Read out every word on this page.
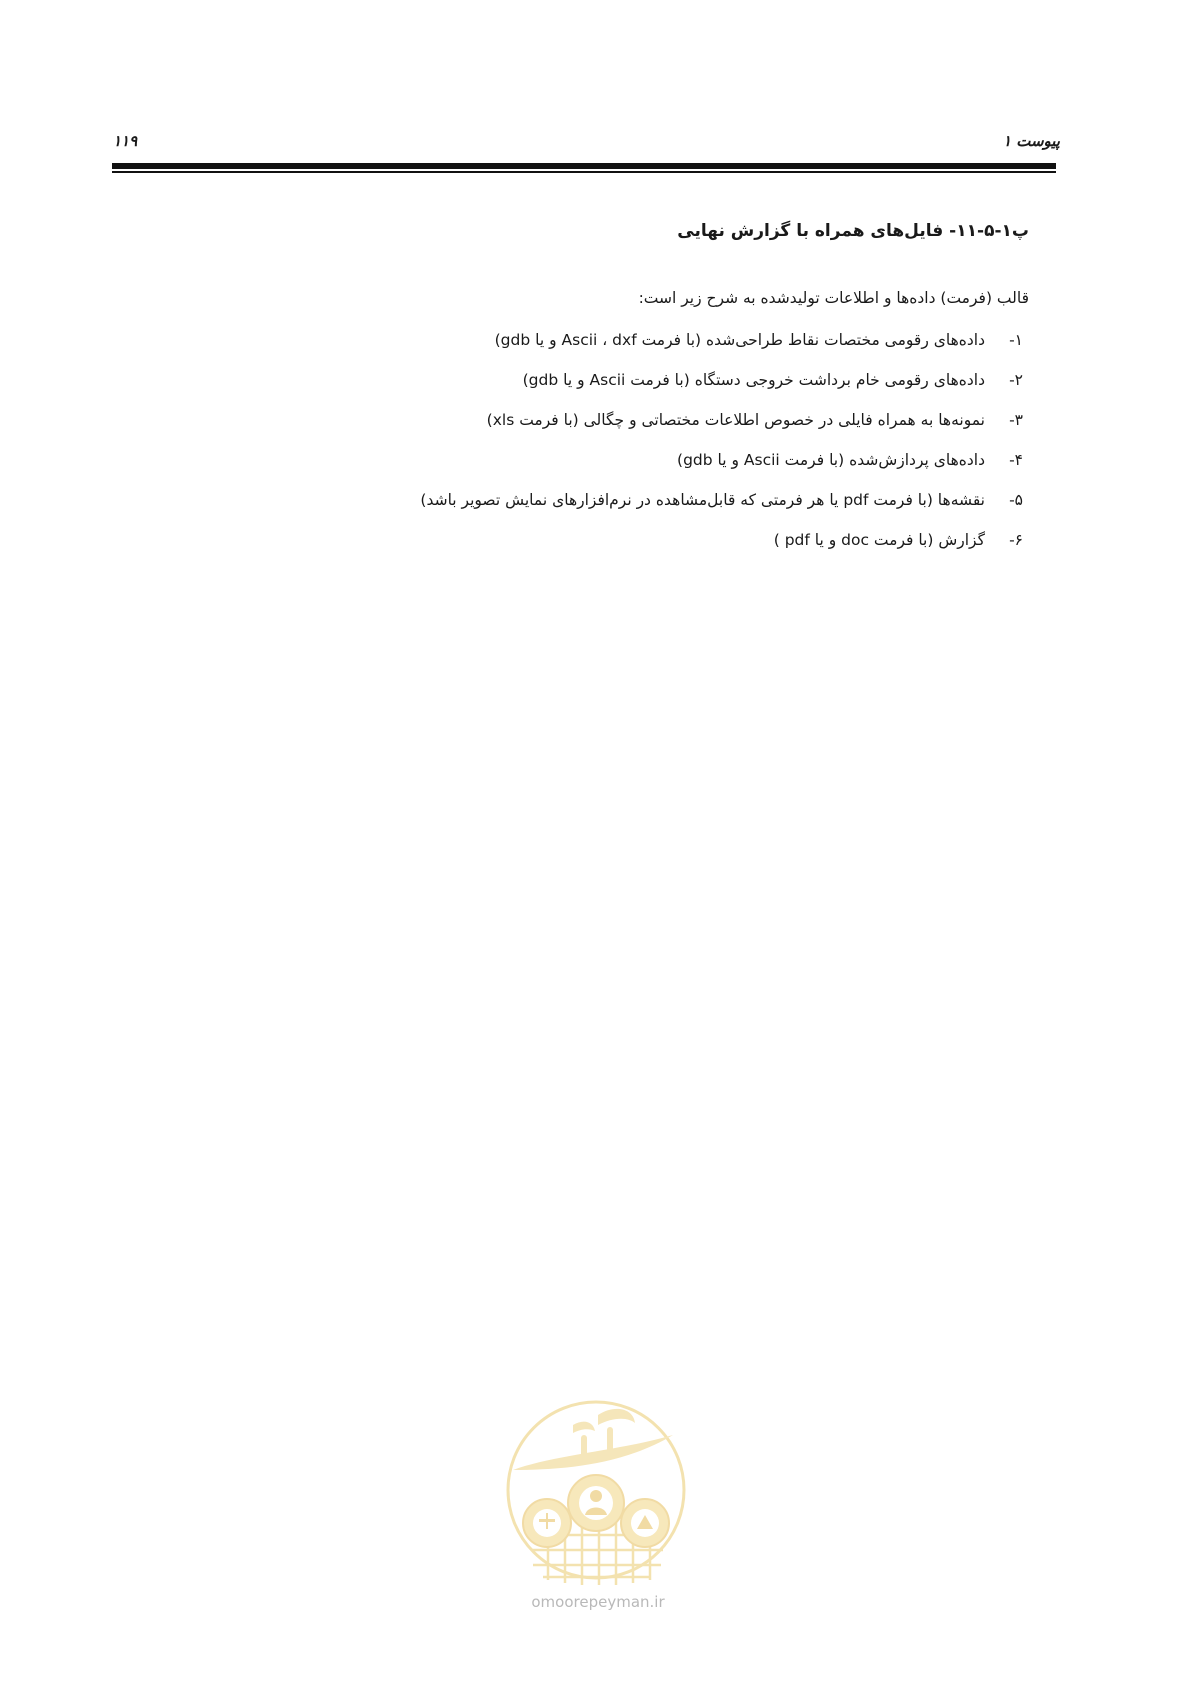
پیوست ۱

۱۱۹

پ۱-۵-۱۱- فایل‌های همراه با گزارش نهایی

قالب (فرمت) داده‌ها و اطلاعات تولیدشده به شرح زیر است:

۱-داده‌های رقومی مختصات نقاط طراحی‌شده (با فرمت Ascii ، dxf و یا gdb)
۲-داده‌های رقومی خام برداشت خروجی دستگاه (با فرمت Ascii و یا gdb)
۳-نمونه‌ها به همراه فایلی در خصوص اطلاعات مختصاتی و چگالی (با فرمت xls)
۴-داده‌های پردازش‌شده (با فرمت Ascii و یا gdb)
۵-نقشه‌ها (با فرمت pdf یا هر فرمتی که قابل‌مشاهده در نرم‌افزارهای نمایش تصویر باشد)
۶-گزارش (با فرمت doc و یا pdf )

omoorepeyman.ir
